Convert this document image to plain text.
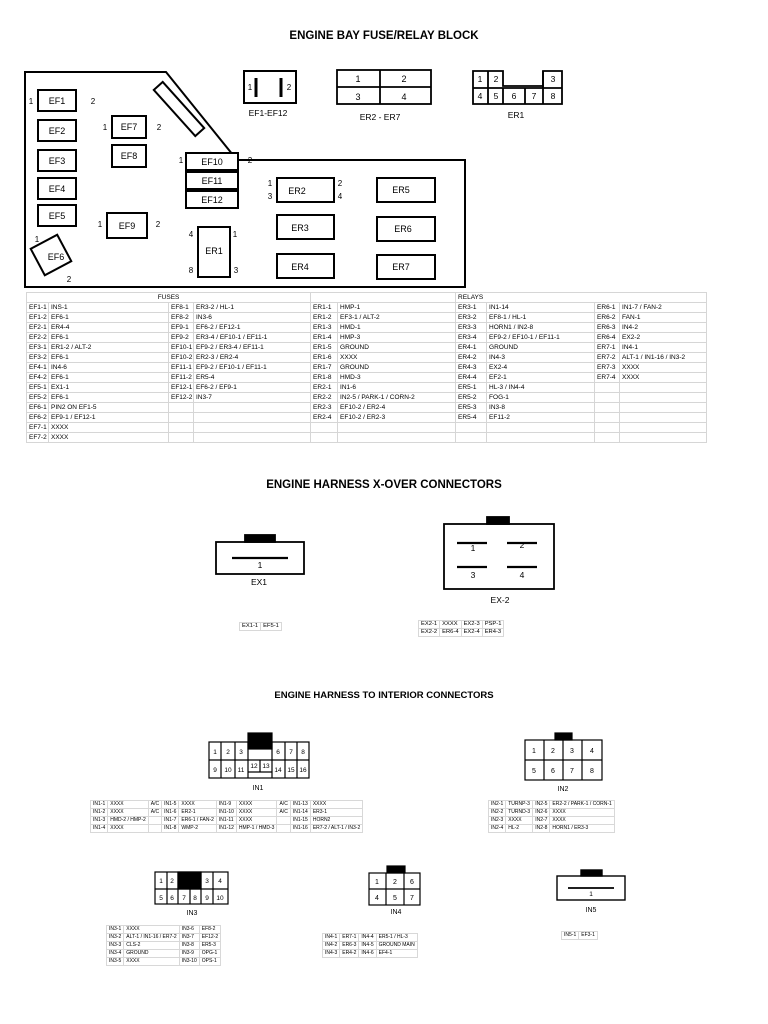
ENGINE BAY FUSE/RELAY BLOCK
ENGINE HARNESS X-OVER CONNECTORS
ENGINE HARNESS TO INTERIOR CONNECTORS
EF1
EF2
EF3
EF4
EF5
EF6
EF7
EF8
EF9
EF10
EF11
EF12
ER1
ER2
ER3
ER4
ER5
ER6
ER7
1	2
1	2
1	2
1
2
1	2
4	1
8	3
1
3
2
4
1	2
EF1-EF12
1	2
3	4
ER2 - ER7
1 2	3
4 5 6 7 8
ER1
1
EX1
1	2
3	4
EX-2
1 2 3	6 7 8
9 10 11
12 13
14 15 16
IN1
1 2 3 4
5 6 7 8
IN2
1 2	3 4
5 6 7 8 9 10
IN3
1 2 6
4 5 7
IN4
1
IN5
FUSES						RELAYS			
EF1-1	INS-1	EF8-1	ER3-2 / HL-1	ER1-1	HMP-1	ER3-1	IN1-14	ER6-1	IN1-7 / FAN-2
EF1-2	EF6-1	EF8-2	IN3-6	ER1-2	EF3-1 / ALT-2	ER3-2	EF8-1 / HL-1	ER6-2	FAN-1
EF2-1	ER4-4	EF9-1	EF6-2 / EF12-1	ER1-3	HMD-1	ER3-3	HORN1 / IN2-8	ER6-3	IN4-2
EF2-2	EF6-1	EF9-2	ER3-4 / EF10-1 / EF11-1	ER1-4	HMP-3	ER3-4	EF9-2 / EF10-1 / EF11-1	ER6-4	EX2-2
EF3-1	ER1-2 / ALT-2	EF10-1	EF9-2 / ER3-4 / EF11-1	ER1-5	GROUND	ER4-1	GROUND	ER7-1	IN4-1
EF3-2	EF6-1	EF10-2	ER2-3 / ER2-4	ER1-6	XXXX	ER4-2	IN4-3	ER7-2	ALT-1 / IN1-16 / IN3-2
EF4-1	IN4-6	EF11-1	EF9-2 / EF10-1 / EF11-1	ER1-7	GROUND	ER4-3	EX2-4	ER7-3	XXXX
EF4-2	EF6-1	EF11-2	ER5-4	ER1-8	HMD-3	ER4-4	EF2-1	ER7-4	XXXX
EF5-1	EX1-1	EF12-1	EF6-2 / EF9-1	ER2-1	IN1-6	ER5-1	HL-3 / IN4-4		
EF5-2	EF6-1	EF12-2	IN3-7	ER2-2	IN2-5 / PARK-1 / CORN-2	ER5-2	FOG-1		
EF6-1	PIN2 ON EF1-5			ER2-3	EF10-2 / ER2-4	ER5-3	IN3-8		
EF6-2	EF9-1 / EF12-1			ER2-4	EF10-2 / ER2-3	ER5-4	EF11-2		
EF7-1	XXXX								
EF7-2	XXXX								
EX1-1	EF5-1	EX2-1	XXXX	EX2-3	PSP-1
EX2-2	ER6-4	EX2-4	ER4-3
IN1-1	XXXX	A/C	IN1-5	XXXX	IN1-9	XXXX	A/C	IN1-13	XXXX
IN1-2	XXXX	A/C	IN1-6	ER2-1	IN1-10	XXXX	A/C	IN1-14	ER3-1
IN1-3	HMD-2 / HMP-2		IN1-7	ER6-1 / FAN-2	IN1-11	XXXX		IN1-15	HORN2
IN1-4	XXXX		IN1-8	WMP-2	IN1-12	HMP-1 / HMD-3		IN1-16	ER7-2 / ALT-1 / IN3-2
IN2-1	TURNP-3	IN2-5	ER2-2 / PARK-1 / CORN-1
IN2-2	TURND-3	IN2-6	XXXX
IN2-3	XXXX	IN2-7	XXXX
IN2-4	HL-2	IN2-8	HORN1 / ER3-3
IN3-1	XXXX	IN3-6	EF8-2
IN3-2	ALT-1 / IN1-16 / ER7-2	IN3-7	EF12-2
IN3-3	CLS-2	IN3-8	ER5-3
IN3-4	GROUND	IN3-9	OPG-1
IN3-5	XXXX	IN3-10	OPS-1
IN4-1	ER7-1	IN4-4	ER5-1 / HL-3
IN4-2	ER6-3	IN4-5	GROUND MAIN
IN4-3	ER4-2	IN4-6	EF4-1
IN5-1	EF3-1
